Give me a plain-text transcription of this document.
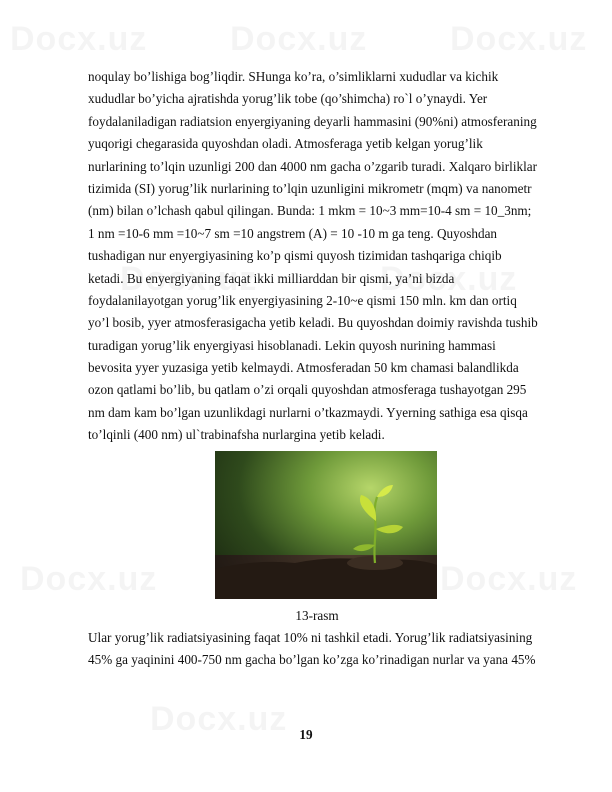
noqulay bo’lishiga bog’liqdir. SHunga ko’ra, o’simliklarni xududlar va kichik
xududlar bo’yicha ajratishda yorug’lik tobe (qo’shimcha) ro`l o’ynaydi. Yer
foydalaniladigan radiatsion enyergiyaning deyarli hammasini (90%ni) atmosferaning
yuqorigi chegarasida quyoshdan oladi. Atmosferaga yetib kelgan yorug’lik
nurlarining to’lqin uzunligi 200 dan 4000 nm gacha o’zgarib turadi. Xalqaro birliklar
tizimida (SI) yorug’lik nurlarining to’lqin uzunligini mikrometr (mqm) va nanometr
(nm) bilan o’lchash qabul qilingan. Bunda: 1 mkm = 10~3 mm=10-4 sm = 10_3nm;
1 nm =10-6 mm =10~7 sm =10 angstrem (A) = 10 -10 m ga teng. Quyoshdan
tushadigan nur enyergiyasining ko’p qismi quyosh tizimidan tashqariga chiqib
ketadi. Bu enyergiyaning faqat ikki milliarddan bir qismi, ya’ni bizda
foydalanilayotgan yorug’lik enyergiyasining 2-10~e qismi 150 mln. km dan ortiq
yo’l bosib, yyer atmosferasigacha yetib keladi. Bu quyoshdan doimiy ravishda tushib
turadigan yorug’lik enyergiyasi hisoblanadi. Lekin quyosh nurining hammasi
bevosita yyer yuzasiga yetib kelmaydi. Atmosferadan 50 km chamasi balandlikda
ozon qatlami bo’lib, bu qatlam o’zi orqali quyoshdan atmosferaga tushayotgan 295
nm dam kam bo’lgan uzunlikdagi nurlarni o’tkazmaydi. Yyerning sathiga esa qisqa
to’lqinli (400 nm) ul`trabinafsha nurlargina yetib keladi.
13-rasm
Ular yorug’lik radiatsiyasining faqat 10% ni tashkil etadi. Yorug’lik radiatsiyasining
45% ga yaqinini 400-750 nm gacha bo’lgan ko’zga ko’rinadigan nurlar va yana 45%
19
